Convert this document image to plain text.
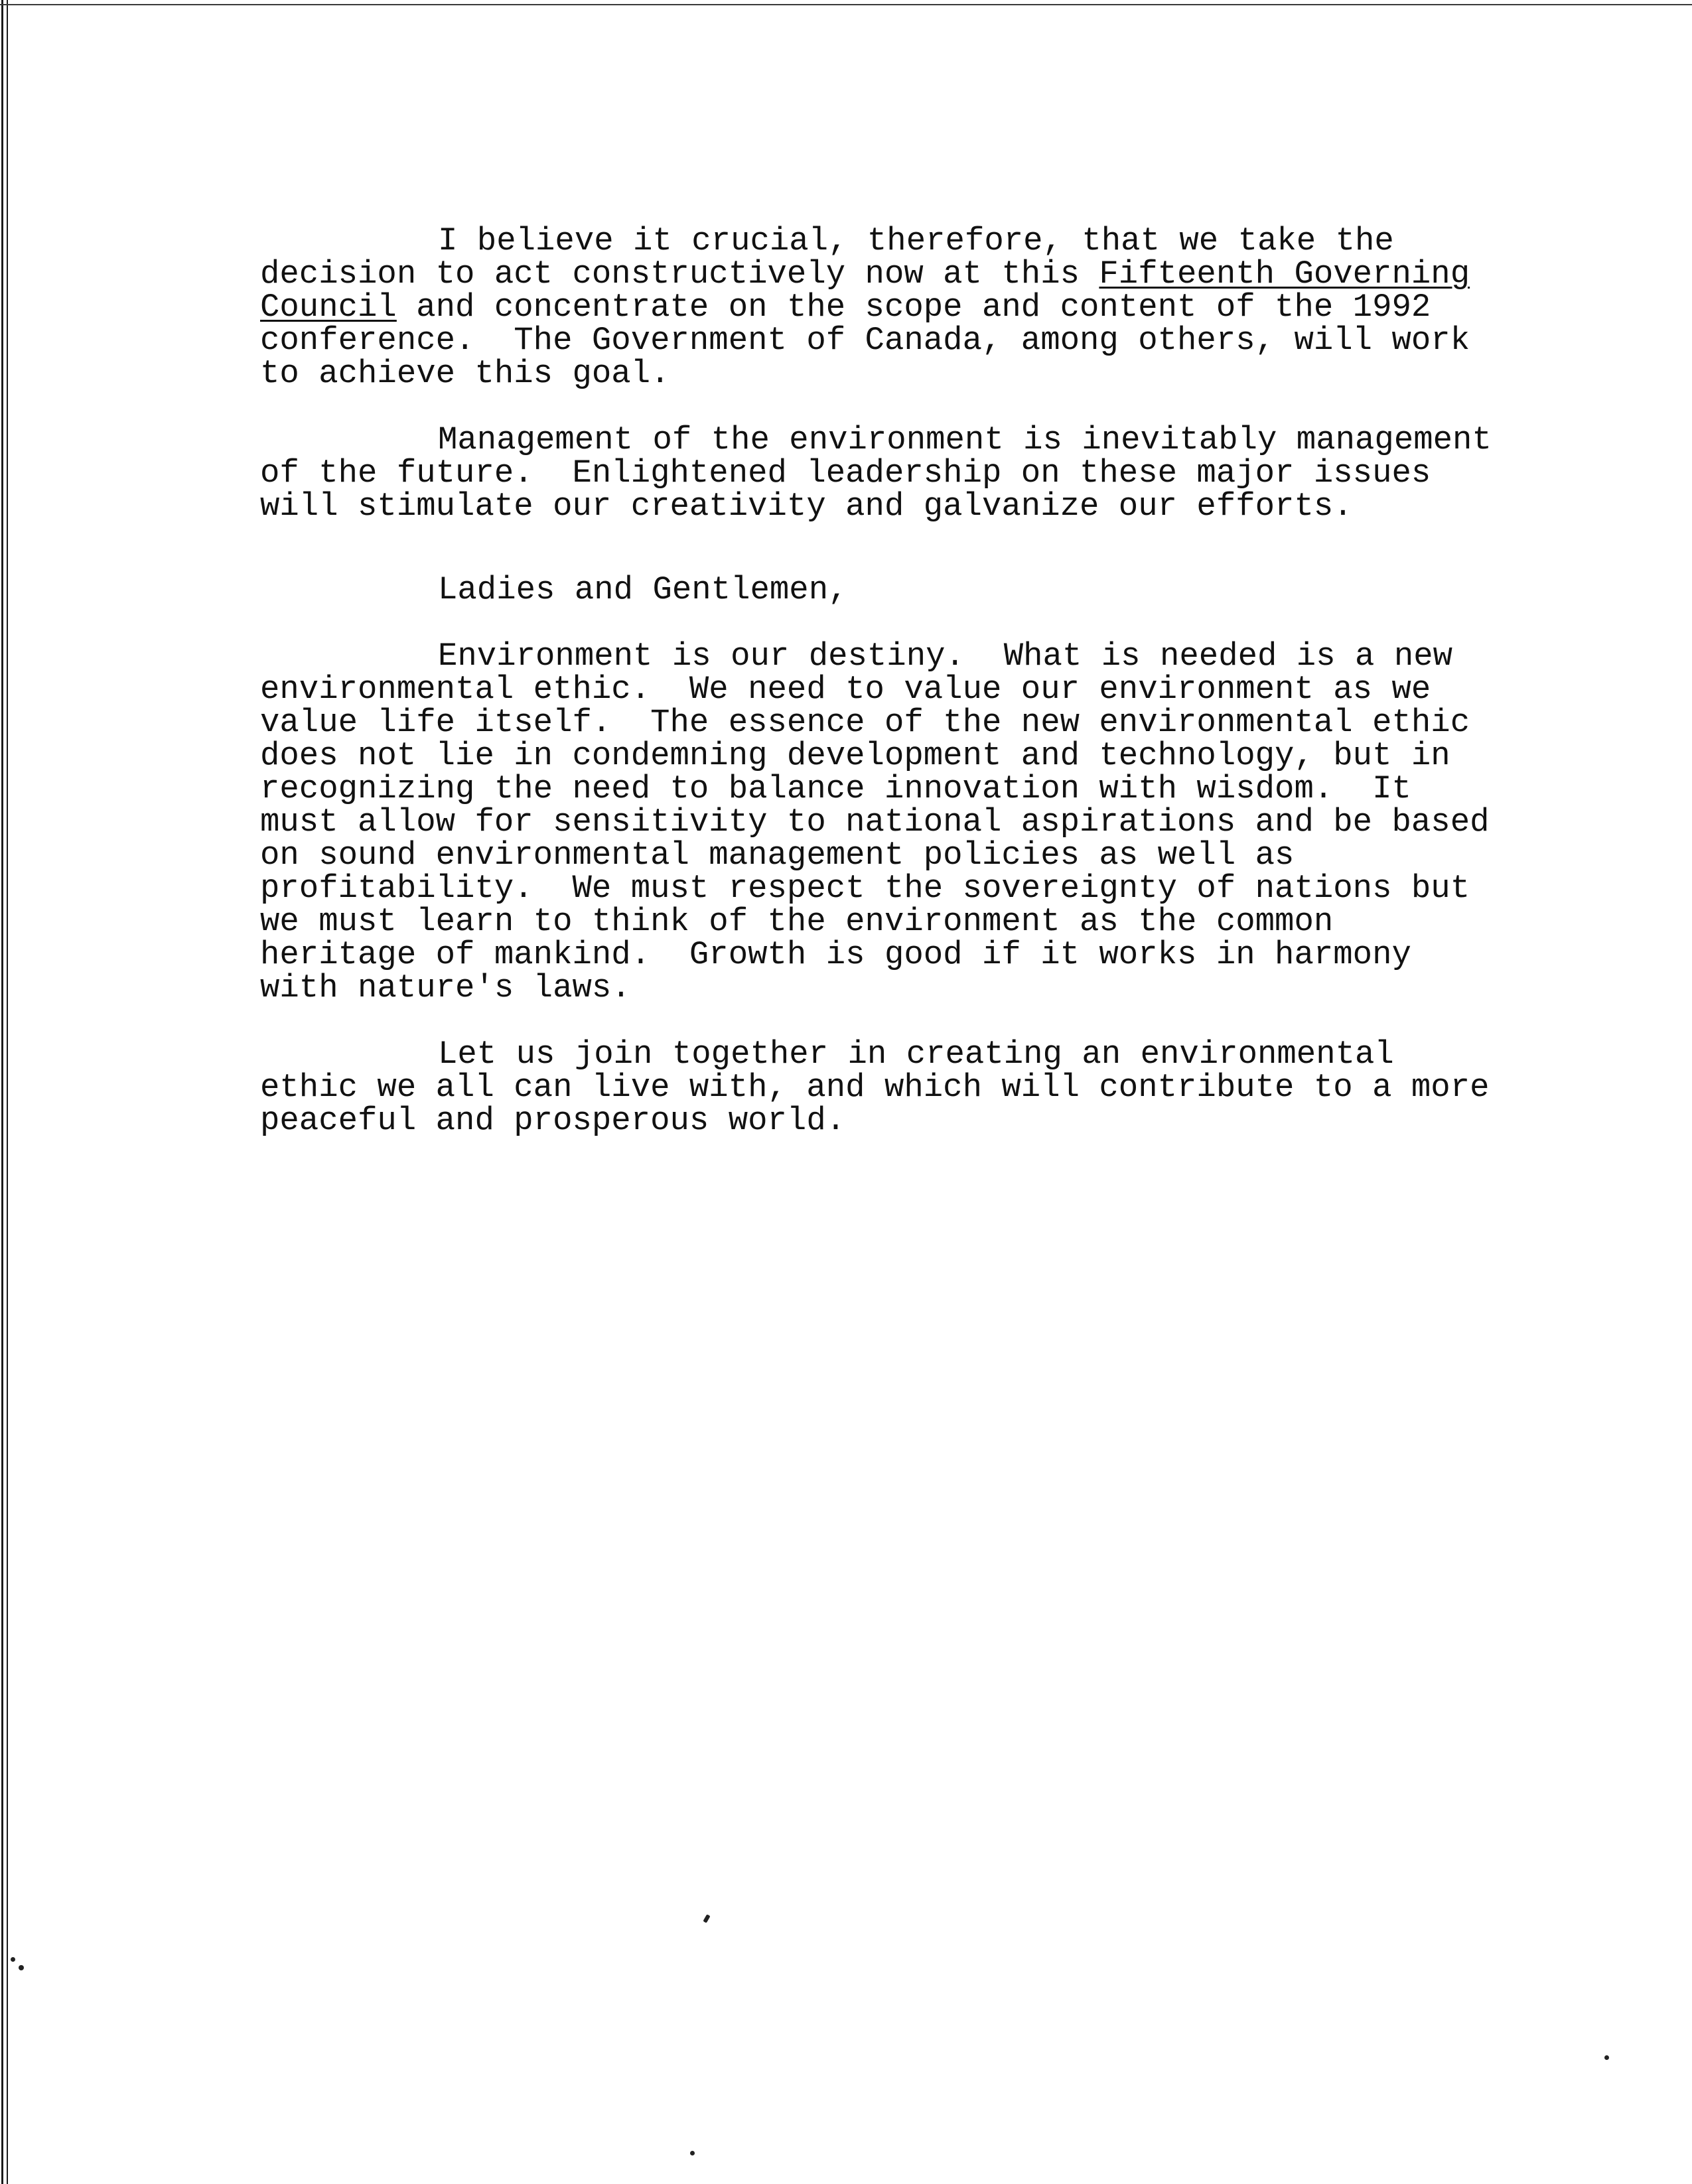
I believe it crucial, therefore, that we take the
decision to act constructively now at this Fifteenth Governing
Council and concentrate on the scope and content of the 1992
conference.  The Government of Canada, among others, will work
to achieve this goal.
Management of the environment is inevitably management
of the future.  Enlightened leadership on these major issues
will stimulate our creativity and galvanize our efforts.
Ladies and Gentlemen,
Environment is our destiny.  What is needed is a new
environmental ethic.  We need to value our environment as we
value life itself.  The essence of the new environmental ethic
does not lie in condemning development and technology, but in
recognizing the need to balance innovation with wisdom.  It
must allow for sensitivity to national aspirations and be based
on sound environmental management policies as well as
profitability.  We must respect the sovereignty of nations but
we must learn to think of the environment as the common
heritage of mankind.  Growth is good if it works in harmony
with nature's laws.
Let us join together in creating an environmental
ethic we all can live with, and which will contribute to a more
peaceful and prosperous world.
